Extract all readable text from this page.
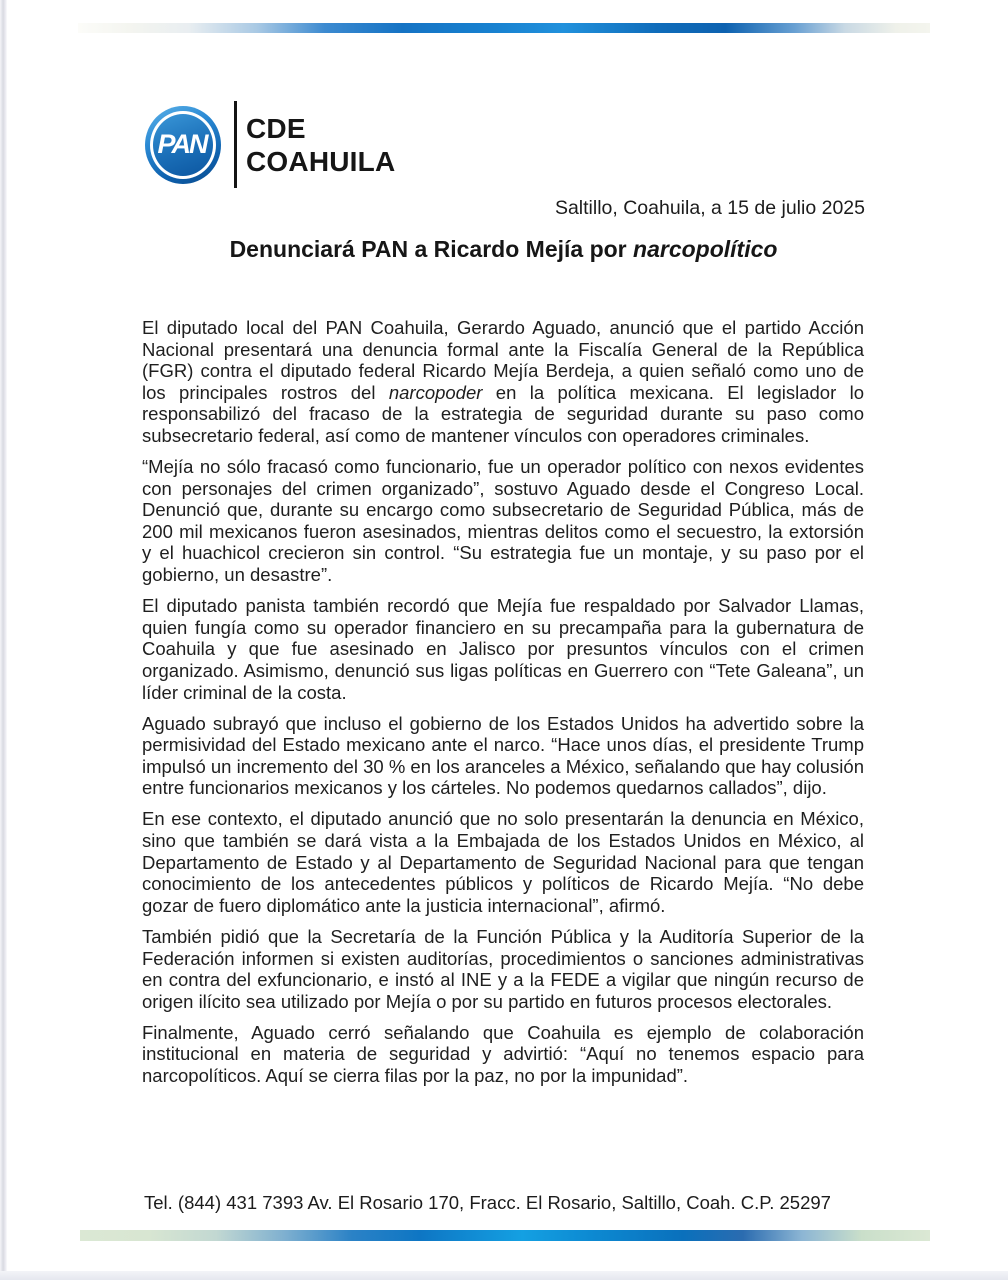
PAN
CDE
COAHUILA
Saltillo, Coahuila, a 15 de julio 2025
Denunciará PAN a Ricardo Mejía por narcopolítico

El diputado local del PAN Coahuila, Gerardo Aguado, anunció que el partido Acción Nacional presentará una denuncia formal ante la Fiscalía General de la República (FGR) contra el diputado federal Ricardo Mejía Berdeja, a quien señaló como uno de los principales rostros del narcopoder en la política mexicana. El legislador lo responsabilizó del fracaso de la estrategia de seguridad durante su paso como subsecretario federal, así como de mantener vínculos con operadores criminales.

“Mejía no sólo fracasó como funcionario, fue un operador político con nexos evidentes con personajes del crimen organizado”, sostuvo Aguado desde el Congreso Local. Denunció que, durante su encargo como subsecretario de Seguridad Pública, más de 200 mil mexicanos fueron asesinados, mientras delitos como el secuestro, la extorsión y el huachicol crecieron sin control. “Su estrategia fue un montaje, y su paso por el gobierno, un desastre”.

El diputado panista también recordó que Mejía fue respaldado por Salvador Llamas, quien fungía como su operador financiero en su precampaña para la gubernatura de Coahuila y que fue asesinado en Jalisco por presuntos vínculos con el crimen organizado. Asimismo, denunció sus ligas políticas en Guerrero con “Tete Galeana”, un líder criminal de la costa.

Aguado subrayó que incluso el gobierno de los Estados Unidos ha advertido sobre la permisividad del Estado mexicano ante el narco. “Hace unos días, el presidente Trump impulsó un incremento del 30 % en los aranceles a México, señalando que hay colusión entre funcionarios mexicanos y los cárteles. No podemos quedarnos callados”, dijo.

En ese contexto, el diputado anunció que no solo presentarán la denuncia en México, sino que también se dará vista a la Embajada de los Estados Unidos en México, al Departamento de Estado y al Departamento de Seguridad Nacional para que tengan conocimiento de los antecedentes públicos y políticos de Ricardo Mejía. “No debe gozar de fuero diplomático ante la justicia internacional”, afirmó.

También pidió que la Secretaría de la Función Pública y la Auditoría Superior de la Federación informen si existen auditorías, procedimientos o sanciones administrativas en contra del exfuncionario, e instó al INE y a la FEDE a vigilar que ningún recurso de origen ilícito sea utilizado por Mejía o por su partido en futuros procesos electorales.

Finalmente, Aguado cerró señalando que Coahuila es ejemplo de colaboración institucional en materia de seguridad y advirtió: “Aquí no tenemos espacio para narcopolíticos. Aquí se cierra filas por la paz, no por la impunidad”.

Tel. (844) 431 7393 Av. El Rosario 170, Fracc. El Rosario, Saltillo, Coah. C.P. 25297
